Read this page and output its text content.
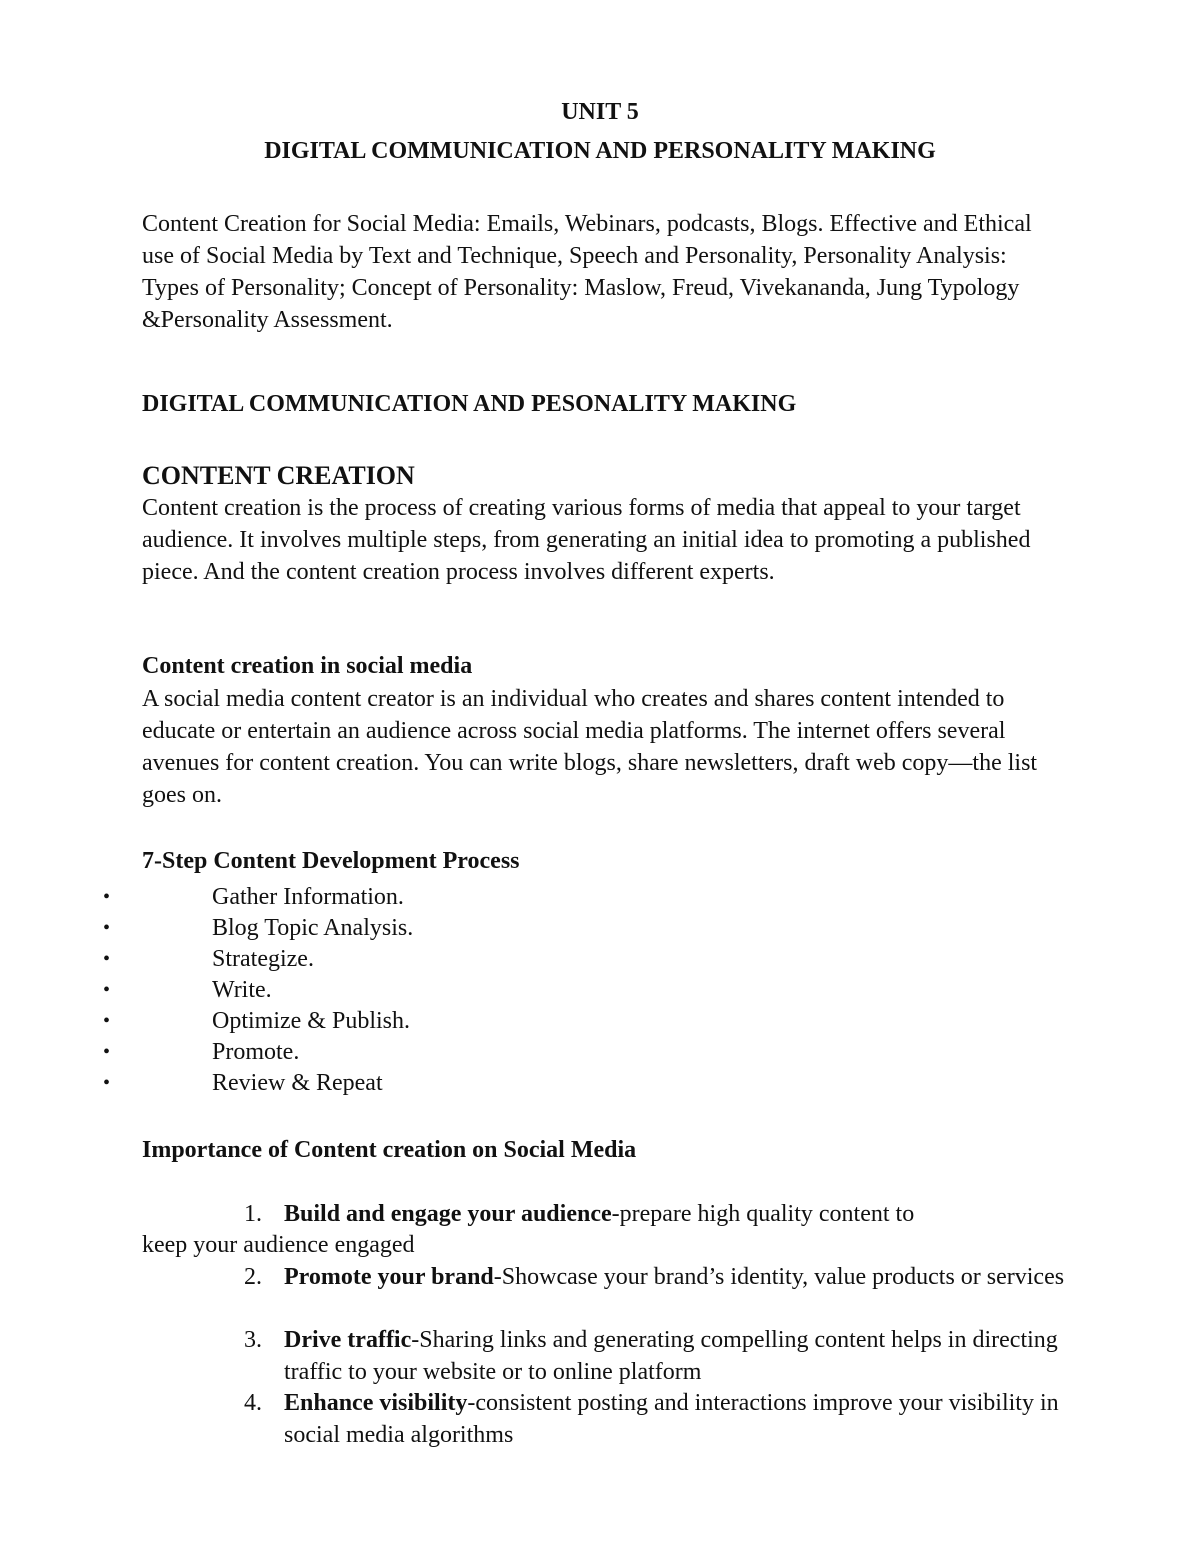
UNIT 5
DIGITAL COMMUNICATION AND PERSONALITY MAKING

Content Creation for Social Media: Emails, Webinars, podcasts, Blogs. Effective and Ethical use of Social Media by Text and Technique, Speech and Personality, Personality Analysis: Types of Personality; Concept of Personality: Maslow, Freud, Vivekananda, Jung Typology &Personality Assessment.

DIGITAL COMMUNICATION AND PESONALITY MAKING
CONTENT CREATION

Content creation is the process of creating various forms of media that appeal to your target audience. It involves multiple steps, from generating an initial idea to promoting a published piece. And the content creation process involves different experts.

Content creation in social media

A social media content creator is an individual who creates and shares content intended to educate or entertain an audience across social media platforms. The internet offers several avenues for content creation. You can write blogs, share newsletters, draft web copy—the list goes on.

7-Step Content Development Process
•	Gather Information.
•	Blog Topic Analysis.
•	Strategize.
•	Write.
•	Optimize & Publish.
•	Promote.
•	Review & Repeat
Importance of Content creation on Social Media
1. Build and engage your audience-prepare high quality content to
keep your audience engaged
2. Promote your brand-Showcase your brand’s identity, value products or services
3. Drive traffic-Sharing links and generating compelling content helps in directing traffic to your website or to online platform
4. Enhance visibility-consistent posting and interactions improve your visibility in social media algorithms
